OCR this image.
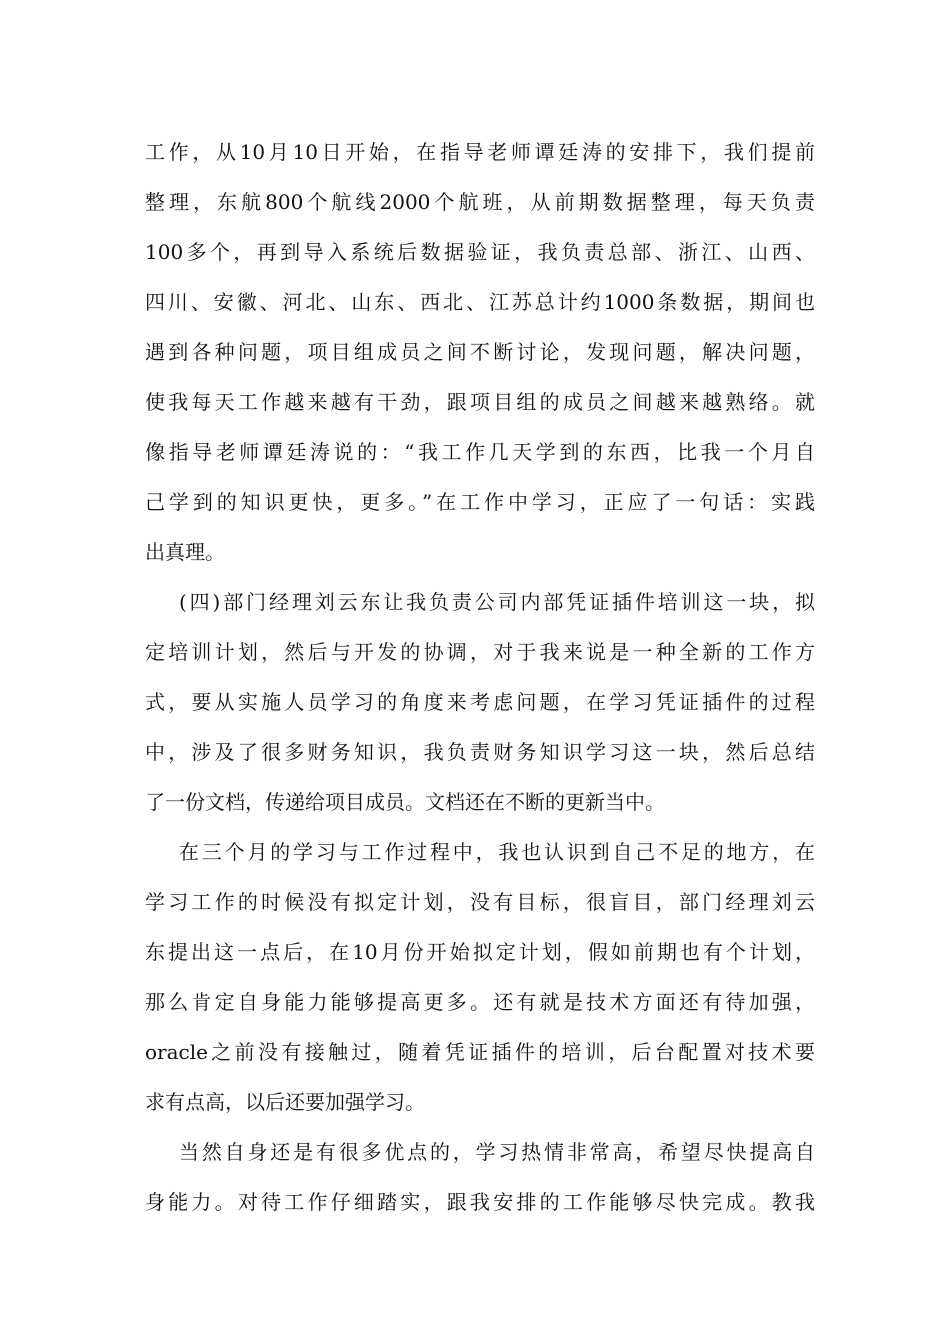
工作，从10月10日开始，在指导老师谭廷涛的安排下，我们提前
整理，东航800个航线2000个航班，从前期数据整理，每天负责
100多个，再到导入系统后数据验证，我负责总部、浙江、山西、
四川、安徽、河北、山东、西北、江苏总计约1000条数据，期间也
遇到各种问题，项目组成员之间不断讨论，发现问题，解决问题，
使我每天工作越来越有干劲，跟项目组的成员之间越来越熟络。就
像指导老师谭廷涛说的：“我工作几天学到的东西，比我一个月自
己学到的知识更快，更多。”在工作中学习，正应了一句话：实践
出真理。
(四)部门经理刘云东让我负责公司内部凭证插件培训这一块，拟
定培训计划，然后与开发的协调，对于我来说是一种全新的工作方
式，要从实施人员学习的角度来考虑问题，在学习凭证插件的过程
中，涉及了很多财务知识，我负责财务知识学习这一块，然后总结
了一份文档，传递给项目成员。文档还在不断的更新当中。
在三个月的学习与工作过程中，我也认识到自己不足的地方，在
学习工作的时候没有拟定计划，没有目标，很盲目，部门经理刘云
东提出这一点后，在10月份开始拟定计划，假如前期也有个计划，
那么肯定自身能力能够提高更多。还有就是技术方面还有待加强，
oracle之前没有接触过，随着凭证插件的培训，后台配置对技术要
求有点高，以后还要加强学习。
当然自身还是有很多优点的，学习热情非常高，希望尽快提高自
身能力。对待工作仔细踏实，跟我安排的工作能够尽快完成。教我
